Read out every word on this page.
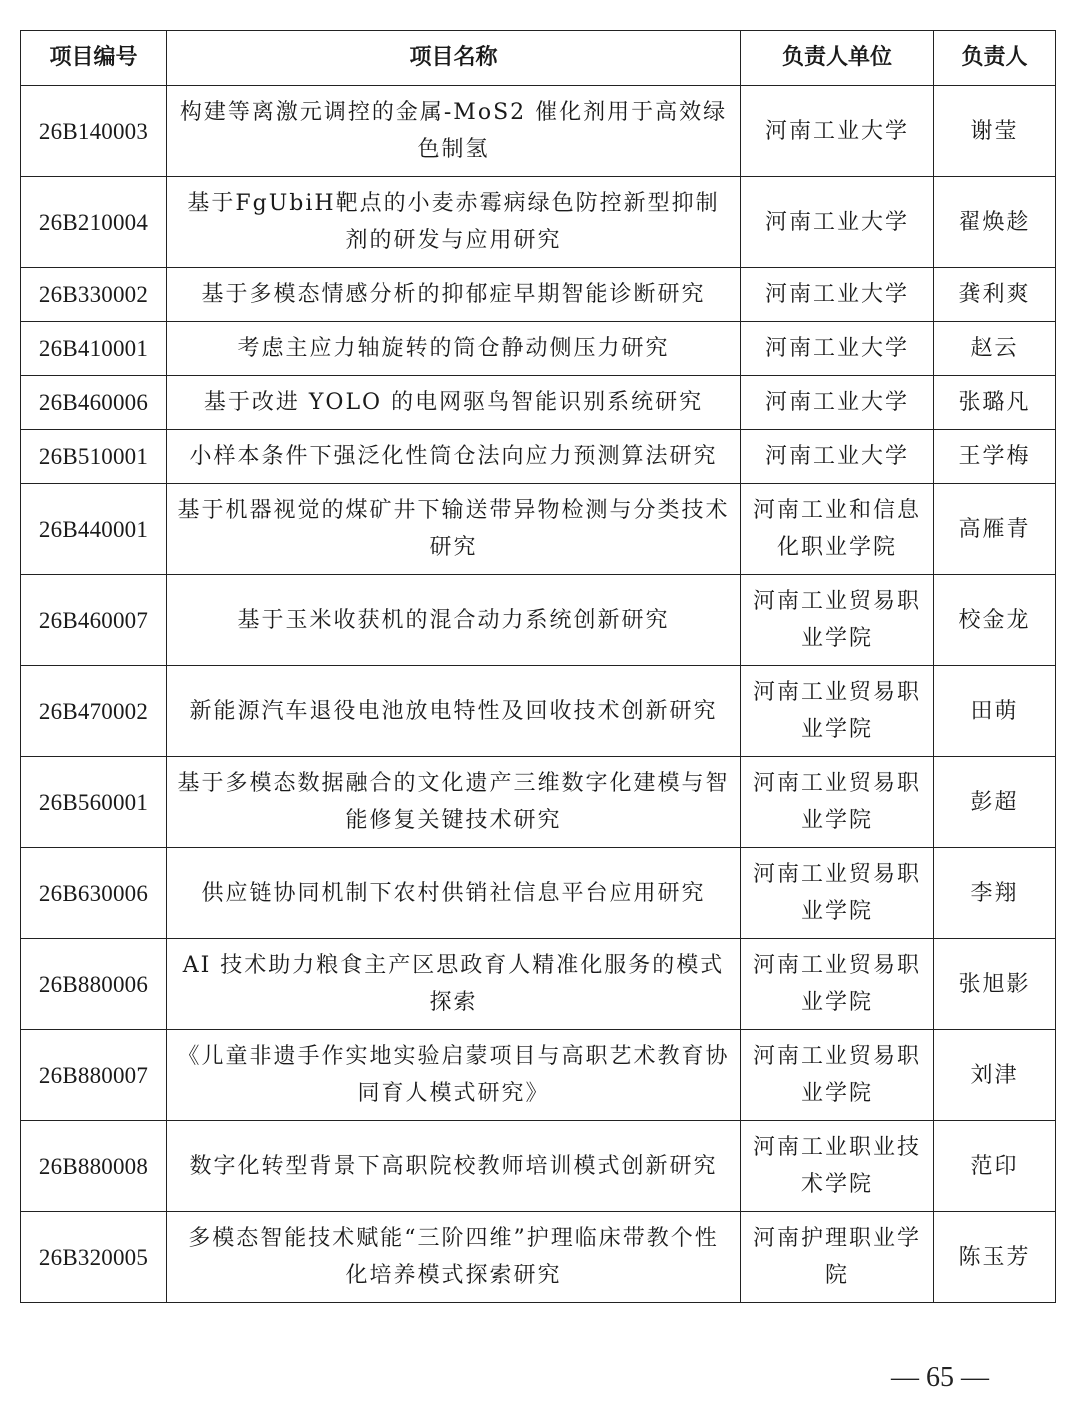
项目编号	项目名称	负责人单位	负责人
26B140003	构建等离激元调控的金属-MoS2 催化剂用于高效绿色制氢	河南工业大学	谢莹
26B210004	基于FgUbiH靶点的小麦赤霉病绿色防控新型抑制剂的研发与应用研究	河南工业大学	翟焕趁
26B330002	基于多模态情感分析的抑郁症早期智能诊断研究	河南工业大学	龚利爽
26B410001	考虑主应力轴旋转的筒仓静动侧压力研究	河南工业大学	赵云
26B460006	基于改进 YOLO 的电网驱鸟智能识别系统研究	河南工业大学	张璐凡
26B510001	小样本条件下强泛化性筒仓法向应力预测算法研究	河南工业大学	王学梅
26B440001	基于机器视觉的煤矿井下输送带异物检测与分类技术研究	河南工业和信息化职业学院	高雁青
26B460007	基于玉米收获机的混合动力系统创新研究	河南工业贸易职业学院	校金龙
26B470002	新能源汽车退役电池放电特性及回收技术创新研究	河南工业贸易职业学院	田萌
26B560001	基于多模态数据融合的文化遗产三维数字化建模与智能修复关键技术研究	河南工业贸易职业学院	彭超
26B630006	供应链协同机制下农村供销社信息平台应用研究	河南工业贸易职业学院	李翔
26B880006	AI 技术助力粮食主产区思政育人精准化服务的模式探索	河南工业贸易职业学院	张旭影
26B880007	《儿童非遗手作实地实验启蒙项目与高职艺术教育协同育人模式研究》	河南工业贸易职业学院	刘津
26B880008	数字化转型背景下高职院校教师培训模式创新研究	河南工业职业技术学院	范印
26B320005	多模态智能技术赋能“三阶四维”护理临床带教个性化培养模式探索研究	河南护理职业学院	陈玉芳
— 65 —
